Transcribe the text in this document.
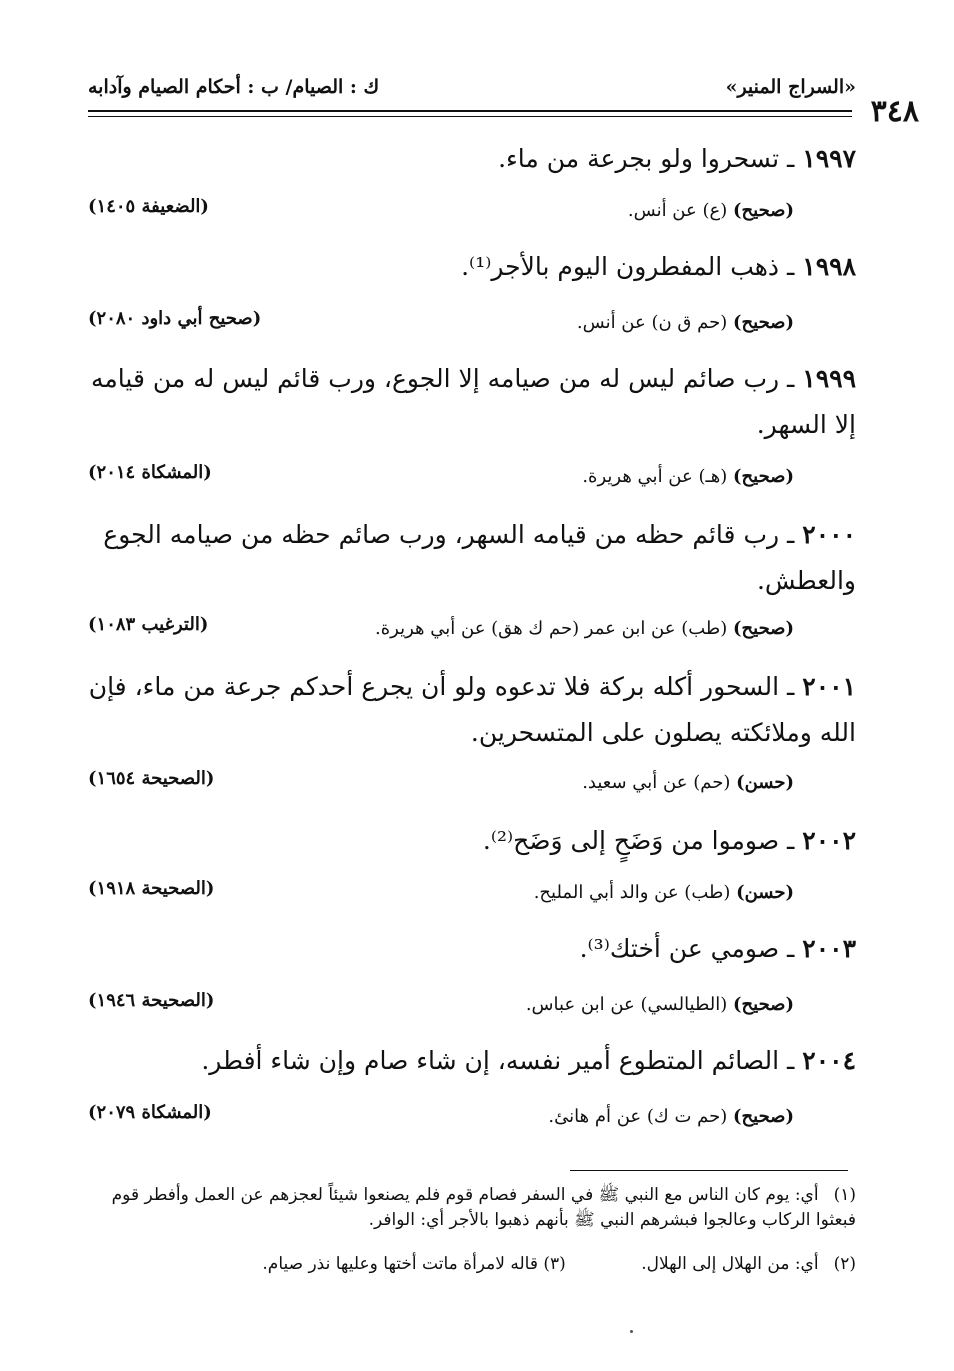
«السراج المنير»
ك : الصيام/ ب : أحكام الصيام وآدابه
٣٤٨
١٩٩٧ ـ تسحروا ولو بجرعة من ماء.
(صحيح) (ع) عن أنس.
(الضعيفة ١٤٠٥)
١٩٩٨ ـ ذهب المفطرون اليوم بالأجر⁽¹⁾.
(صحيح) (حم ق ن) عن أنس.
(صحيح أبي داود ٢٠٨٠)
١٩٩٩ ـ رب صائم ليس له من صيامه إلا الجوع، ورب قائم ليس له من قيامه إلا السهر.
(صحيح) (هـ) عن أبي هريرة.
(المشكاة ٢٠١٤)
٢٠٠٠ ـ رب قائم حظه من قيامه السهر، ورب صائم حظه من صيامه الجوع والعطش.
(صحيح) (طب) عن ابن عمر (حم ك هق) عن أبي هريرة.
(الترغيب ١٠٨٣)
٢٠٠١ ـ السحور أكله بركة فلا تدعوه ولو أن يجرع أحدكم جرعة من ماء، فإن الله وملائكته يصلون على المتسحرين.
(حسن) (حم) عن أبي سعيد.
(الصحيحة ١٦٥٤)
٢٠٠٢ ـ صوموا من وَضَحٍ إلى وَضَح⁽²⁾.
(حسن) (طب) عن والد أبي المليح.
(الصحيحة ١٩١٨)
٢٠٠٣ ـ صومي عن أختك⁽³⁾.
(صحيح) (الطيالسي) عن ابن عباس.
(الصحيحة ١٩٤٦)
٢٠٠٤ ـ الصائم المتطوع أمير نفسه، إن شاء صام وإن شاء أفطر.
(صحيح) (حم ت ك) عن أم هانئ.
(المشكاة ٢٠٧٩)
(١) أي: يوم كان الناس مع النبي ﷺ في السفر فصام قوم فلم يصنعوا شيئاً لعجزهم عن العمل وأفطر قوم فبعثوا الركاب وعالجوا فبشرهم النبي ﷺ بأنهم ذهبوا بالأجر أي: الوافر.
(٢) أي: من الهلال إلى الهلال. (٣) قاله لامرأة ماتت أختها وعليها نذر صيام.
